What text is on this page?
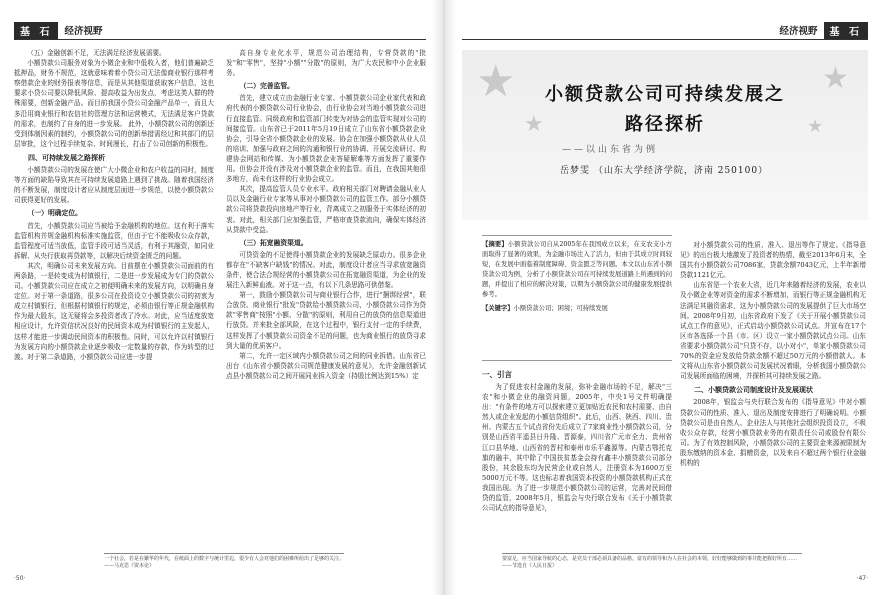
基 石	经济视野

（五）金融创新不足，无法满足经济发展需要。

小额贷款公司服务对象为小微企业和中低收入者，他们普遍缺乏抵押品，财务不规范，这就意味着着小贷公司无法像商业银行那样考察借款企业的财务报表等信息，而是从其他渠道获取客户信息，这也要求小贷公司要以降低风险、提高收益为出发点，考虑这类人群的特殊需要，创新金融产品。而目前我国小贷公司金融产品单一，而且大多沿用商业银行和农信社的管理方法和运营模式，无法满足客户贷款的需求，也制约了自身的进一步发展。 此外，小额贷款公司的创新还受到体制因素的制约，小额贷款公司的创新举措需经过和其部门的层层审批，这个过程手续复杂、时间漫长，打击了公司创新的积极性。

四、可持续发展之路探析

小额贷款公司的发展在使广大小微企业和农户收益的同时，制度等方面的缺陷导致其在可持续发展道路上遇到了挑战。随着我国经济的不断发展，制度设计者应从制度层面进一步规范，以使小额贷款公司获得更好的发展。

（一）明确定位。

首先，小额贷款公司应当被给予金融机构的地位。这有利于落实监管机构并规金融机构标准实施监管，但由于它不能吸收公众存款，监管程度可适当放低，监管手段可适当灵活，有利于其融资，如同业拆解、从央行获取再贷款等，以解决后续资金匮乏的问题。

其次，明确公司未来发展方向。目前摆在小额贷款公司面前的有两条路，一是转变成为村镇银行，二是进一步发展成为专门的贷款公司。小额贷款公司应在成立之初便明确未来的发展方向，以明确自身定位。对于第一条道路，很多公司在投资设立小额贷款公司的初衷为成立村镇银行，但根据村镇银行的规定，必须由银行等正规金融机构作为最大股东，这无疑将会多投资者改了冷水。对此，应当适度放宽相应设计，允许资信状况良好的民间资本成为村镇银行的主发起人，这样才能进一步调动民间资本的积极性。同时，可以允许以村镇银行为发展方向的小额贷款企业逐步吸收一定数量的存款，作为转型的过渡。对于第二条道路，小额贷款公司应进一步提

高自身专业化水平，规范公司治理结构，专营贷款的"批发"和"零售"，坚持"小额""分散"的原则，为广大农民和中小企业服务。

（二）完善监管。

首先，建立成立由金融行业专家、小额贷款公司企业家代表和政府代表的小额贷款公司行业协会，由行业协会对当地小额贷款公司进行直接监管。同级政府和监管部门转变为对协会的监管实现对公司的间接监管。山东省已于2011年5月19日成立了山东省小额贷款企业协会，引导全省小额贷款企业的发展。协会在加强小额贷款从业人员的培训、加强与政府之间的沟通和银行业的协调、开展交流研讨、构建协会网站和传媒、为小额贷款企业答疑解难等方面发挥了重要作用。但协会并没有涉及对小额贷款企业的监管。而且，在我国其他很多地方，尚未有这样的行业协会成立。

其次，提高监管人员专业水平。政府相关部门对聘请金融从业人员以及金融行业专家等从事对小额贷款公司的监管工作。部分小额贷款公司将贷款投向房地产等行业，背离成立之初服务于实体经济的初衷。对此，相关部门应加强监管，严格审查贷款流向，确保实体经济从贷款中受益。

（三）拓宽融资渠道。

可贷资金的不足使得小额贷款企业的发展缺乏原动力。很多企业都存在"不缺客户缺钱"的情况。对此，制度设计者应当寻求放宽融资条件，使合法合规经营的小额贷款公司在拓宽融资渠道，为企业的发展注入新鲜血液。对于这一点，有以下几条思路可供借鉴。

第一，鼓励小额贷款公司与商业银行合作，进行"捆绑经营"，联合放贷。商业银行"批发"贷款给小额贷款公司，小额贷款公司作为贷款"零售商"按照"小额、分散"的原则，利用自己的放贷的信息渠道进行放贷。并来批全部风险，在这个过程中，银行支付一定的手续费，这样发挥了小额贷款公司资金不足的问题，也为商业银行的放贷寻求到大量的优质客户。

第二，允许一定区域内小额贷款公司之间的同业拆借。山东省已出台《山东省小额贷款公司规范健康发展的意见》，允许金融创新试点县小额贷款公司之间开展同业拆入资金（持股比例达到15%）定

一个社会，若是在繁华的年代，在纸面上的数字与统计里边，很少有人会对他们的困难所给出了足够的关注。——马克思《资本论》
·50·
经济视野	基 石
★	★
★	★
小额贷款公司可持续发展之
路径探析
——以山东省为例
岳梦雯 （山东大学经济学院，济南 250100）

【摘要】小额贷款公司自从2005年在我国成立以来，在支农支小方面取得了显著的效果，为金融市场注入了活力，但由于其成立时间较短，在发展中面临着制度障碍、资金匮乏等问题。本文以山东省小额贷款公司为例，分析了小额贷款公司在可持续发展道路上所遇到的问题，并提出了相应的解决对策，以期为小额贷款公司的健康发展提供参考。

【关键字】小额贷款公司；困境；可持续发展

一、引言

为了促进农村金融的发展，弥补金融市场的不足，解决"三农"和小微企业的融资问题，2005年，中央1号文件明确提出："有条件的地方可以探索建立更加贴近农民和农村需要、由自然人或企业发起的小额信贷组织"。此后，山西、陕西、四川、贵州、内蒙古五个试点省份先后成立了7家商业性小额贷款公司，分别是山西省平遥县日升隆、晋源泰，四川省广元市全力、贵州省江口县华地、山西省的晋村和泰州市乐平鑫源等。内蒙古鄂托克旗的融丰，其中除了中国扶贫基金会持有鑫丰小额贷款公司部分股份，其余股东均为民营企业或自然人，注册资本为1600万至5000万元不等。这也标志着我国资本投资的小额贷款机构正式在我国出现。为了进一步规范小额贷款公司的运营，完善对民间借贷的监管，2008年5月，银监会与央行联合发布《关于小额贷款公司试点的指导意见》，

对小额贷款公司的性质、准入、退出等作了规定。《指导意见》的出台极大地激发了投资者的热情，截至2013年6月末，全国共有小额贷款公司7086家，贷款余额7043亿元，上半年新增贷款1121亿元。

山东省是一个农业大省，近几年来随着经济的发展，农业以及小微企业等对资金的需求不断增加，而银行等正规金融机构无法满足其融资需求，这为小额贷款公司的发展提供了巨大市场空间。2008年9月初，山东省政府下发了《关于开展小额贷款公司试点工作的意见》，正式启动小额贷款公司试点。并宣布在17个区市各选择一个县（市、区）设立一家小额贷款试点公司。山东省要求小额贷款公司"只贷不存，以小对小"，单家小额贷款公司70%的资金应发放给贷款余额不超过50万元的小额借款人。本文将从山东省小额贷款公司发展状况着眼，分析我国小额贷款公司发展所面临的困境，并探析其可持续发展之路。

二、小额贷款公司制度设计及发展现状

2008年，银监会与央行联合发布的《指导意见》中对小额贷款公司的性质、准入、退出及制度安排进行了明确说明。小额贷款公司是由自然人、企业法人与其他社会组织投资设立，不吸收公众存款，经营小额贷款业务的有限责任公司或股份有限公司。为了有效控制风险，小额贷款公司的主要资金来源被限制为股东缴纳的资本金、捐赠资金，以及来自不超过两个银行业金融机构的

要富足，应当国家导航的心态，是党员干部必须具备的品格。富有的领导和为人在社会的本领，好好能够做到的事并能把握好所有……——节选自《人民日报》
·47·
